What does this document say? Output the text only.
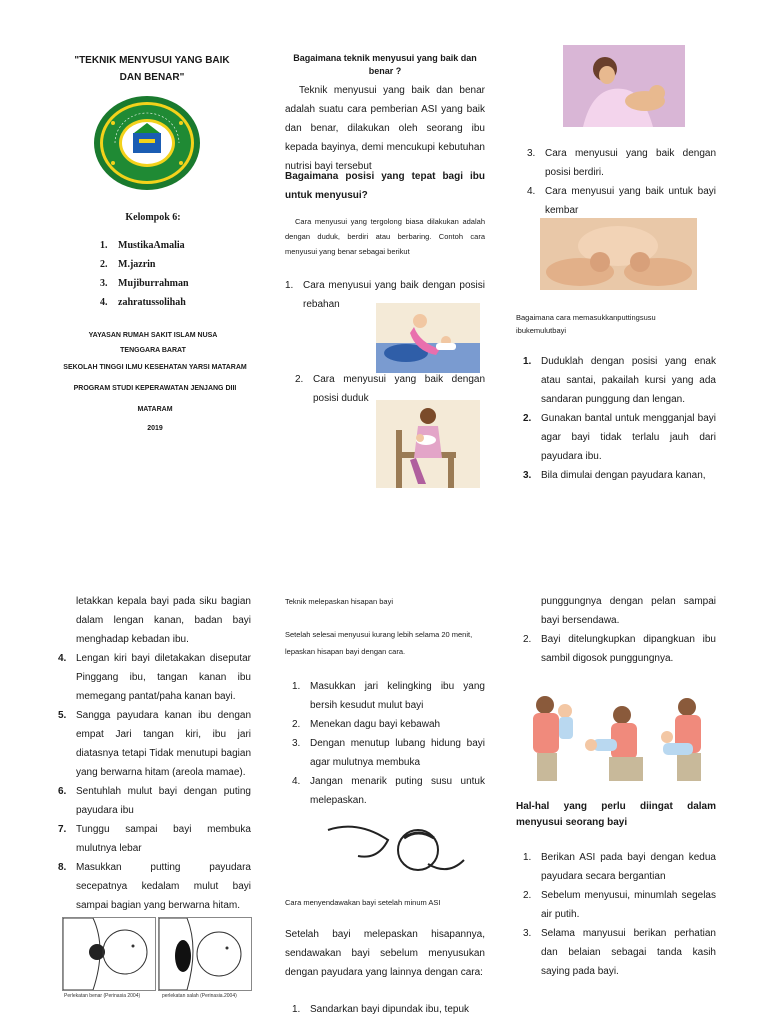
"TEKNIK MENYUSUI YANG BAIK DAN BENAR"
Kelompok 6:
1. MustikaAmalia
2. M.jazrin
3. Mujiburrahman
4. zahratussolihah
YAYASAN RUMAH SAKIT ISLAM NUSA TENGGARA BARAT
SEKOLAH TINGGI ILMU KESEHATAN YARSI MATARAM
PROGRAM STUDI KEPERAWATAN JENJANG DIII
MATARAM
2019
Bagaimana teknik menyusui yang baik dan benar ?
Teknik menyusui yang baik dan benar adalah suatu cara pemberian ASI yang baik dan benar, dilakukan oleh seorang ibu kepada bayinya, demi mencukupi kebutuhan nutrisi bayi tersebut
Bagaimana posisi yang tepat bagi ibu untuk menyusui?
Cara menyusui yang tergolong biasa dilakukan adalah dengan duduk, berdiri atau berbaring. Contoh cara menyusui yang benar sebagai berikut
1. Cara menyusui yang baik dengan posisi rebahan
2. Cara menyusui yang baik dengan posisi duduk
3. Cara menyusui yang baik dengan posisi berdiri.
4. Cara menyusui yang baik untuk bayi kembar
Bagaimana cara memasukkanputtingsusu ibukemulutbayi
1. Duduklah dengan posisi yang enak atau santai, pakailah kursi yang ada sandaran punggung dan lengan.
2. Gunakan bantal untuk mengganjal bayi agar bayi tidak terlalu jauh dari payudara ibu.
3. Bila dimulai dengan payudara kanan,
letakkan kepala bayi pada siku bagian dalam lengan kanan, badan bayi menghadap kebadan ibu.
4. Lengan kiri bayi diletakakan diseputar Pinggang ibu, tangan kanan ibu memegang pantat/paha kanan bayi.
5. Sangga payudara kanan ibu dengan empat Jari tangan kiri, ibu jari diatasnya tetapi Tidak menutupi bagian yang berwarna hitam (areola mamae).
6. Sentuhlah mulut bayi dengan puting payudara ibu
7. Tunggu sampai bayi membuka mulutnya lebar
8. Masukkan putting payudara secepatnya kedalam mulut bayi sampai bagian yang berwarna hitam.
Perlekatan benar (Perinasia 2004)	perlekatan salah (Perinasia.2004)
Teknik melepaskan hisapan bayi
Setelah selesai menyusui kurang lebih selama 20 menit, lepaskan hisapan bayi dengan cara.
1. Masukkan jari kelingking ibu yang bersih kesudut mulut bayi
2. Menekan dagu bayi kebawah
3. Dengan menutup lubang hidung bayi agar mulutnya membuka
4. Jangan menarik puting susu untuk melepaskan.
Cara menyendawakan bayi setelah minum ASI
Setelah bayi melepaskan hisapannya, sendawakan bayi sebelum menyusukan dengan payudara yang lainnya dengan cara:
1. Sandarkan bayi dipundak ibu, tepuk
punggungnya dengan pelan sampai bayi bersendawa.
2. Bayi ditelungkupkan dipangkuan ibu sambil digosok punggungnya.
Hal-hal yang perlu diingat dalam menyusui seorang bayi
1. Berikan ASI pada bayi dengan kedua payudara secara bergantian
2. Sebelum menyusui, minumlah segelas air putih.
3. Selama manyusui berikan perhatian dan belaian sebagai tanda kasih saying pada bayi.
